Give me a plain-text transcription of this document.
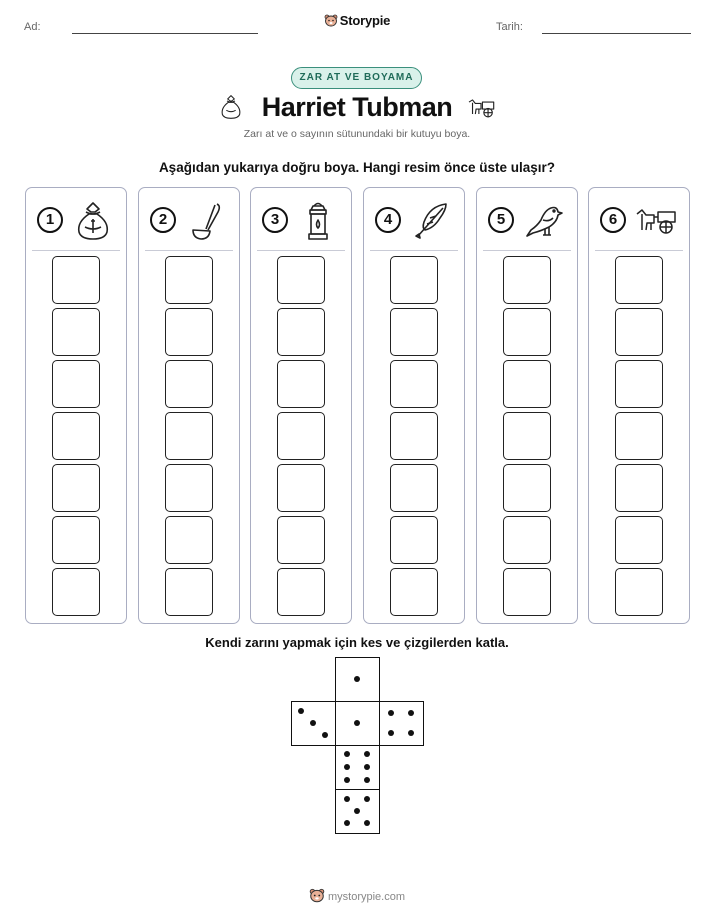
Ad:	Storypie	Tarih:
ZAR AT VE BOYAMA
Harriet Tubman
Zarı at ve o sayının sütunundaki bir kutuyu boya.
Aşağıdan yukarıya doğru boya. Hangi resim önce üste ulaşır?
1	2	3	4	5	6
Kendi zarını yapmak için kes ve çizgilerden katla.
mystorypie.com
